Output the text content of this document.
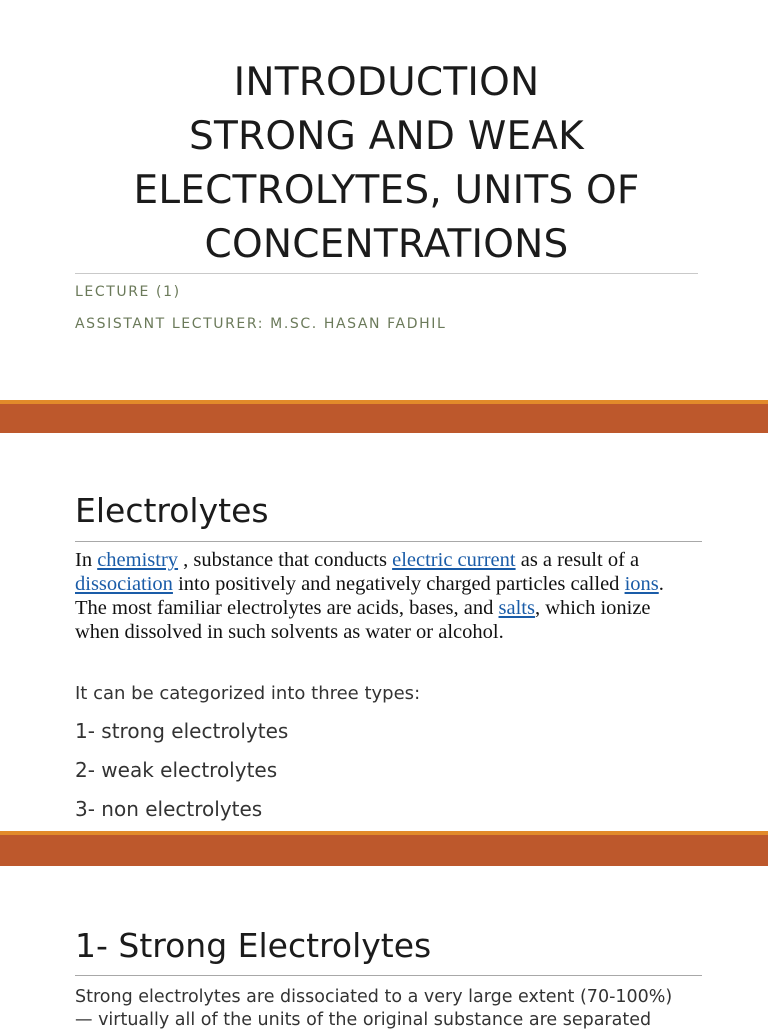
INTRODUCTION
STRONG AND WEAK
ELECTROLYTES, UNITS OF
CONCENTRATIONS
LECTURE (1)
ASSISTANT LECTURER: M.SC. HASAN FADHIL
Electrolytes
In chemistry , substance that conducts electric current as a result of a dissociation into positively and negatively charged particles called ions. The most familiar electrolytes are acids, bases, and salts, which ionize when dissolved in such solvents as water or alcohol.
It can be categorized into three types:
1- strong electrolytes
2- weak electrolytes
3- non electrolytes
1- Strong Electrolytes
Strong electrolytes are dissociated to a very large extent (70-100%) — virtually all of the units of the original substance are separated
